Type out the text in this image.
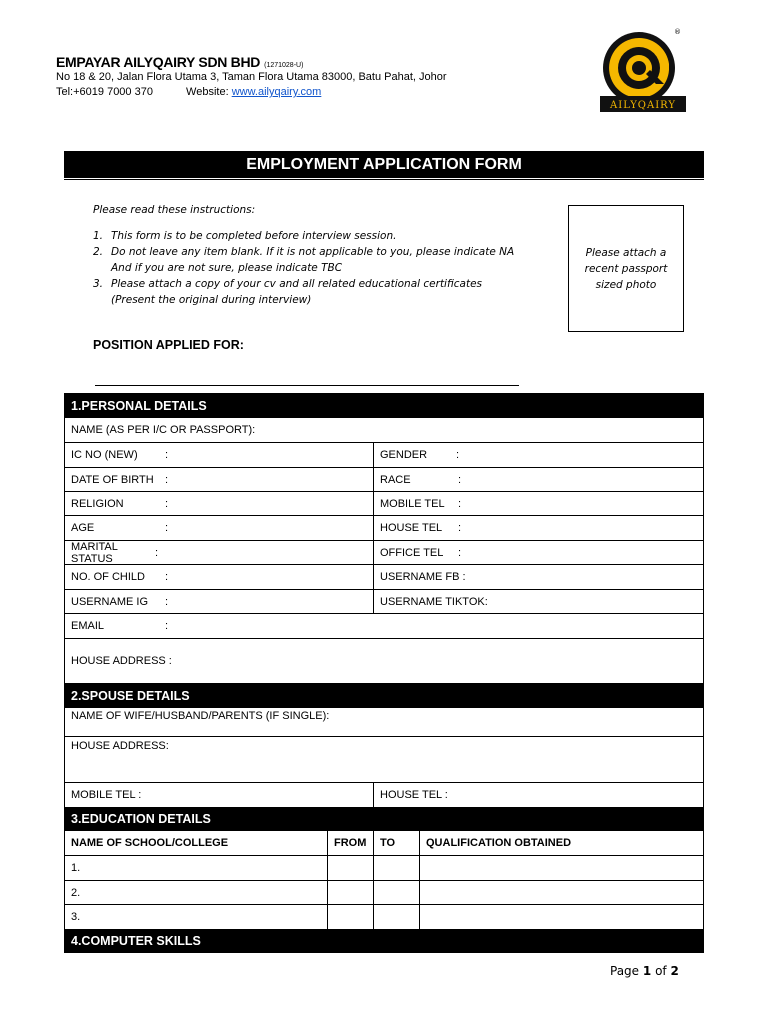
EMPAYAR AILYQAIRY SDN BHD (1271028-U)
No 18 & 20, Jalan Flora Utama 3, Taman Flora Utama 83000, Batu Pahat, Johor
Tel:+6019 7000 370	Website: www.ailyqairy.com
®
AILYQAIRY
EMPLOYMENT APPLICATION FORM
Please read these instructions:
1. This form is to be completed before interview session.
2. Do not leave any item blank. If it is not applicable to you, please indicate NA
And if you are not sure, please indicate TBC
3. Please attach a copy of your cv and all related educational certificates
(Present the original during interview)
Please attach a recent passport sized photo
POSITION APPLIED FOR:
1.PERSONAL DETAILS
NAME (AS PER I/C OR PASSPORT):
IC NO (NEW)	:	GENDER	:
DATE OF BIRTH	:	RACE	:
RELIGION	:	MOBILE TEL	:
AGE	:	HOUSE TEL	:
MARITAL STATUS	:	OFFICE TEL	:
NO. OF CHILD	:	USERNAME FB :
USERNAME IG	:	USERNAME TIKTOK:
EMAIL	:
HOUSE ADDRESS :
2.SPOUSE DETAILS
NAME OF WIFE/HUSBAND/PARENTS (IF SINGLE):
HOUSE ADDRESS:
MOBILE TEL :	HOUSE TEL :
3.EDUCATION DETAILS
NAME OF SCHOOL/COLLEGE	FROM	TO	QUALIFICATION OBTAINED
1.
2.
3.
4.COMPUTER SKILLS
Page 1 of 2
